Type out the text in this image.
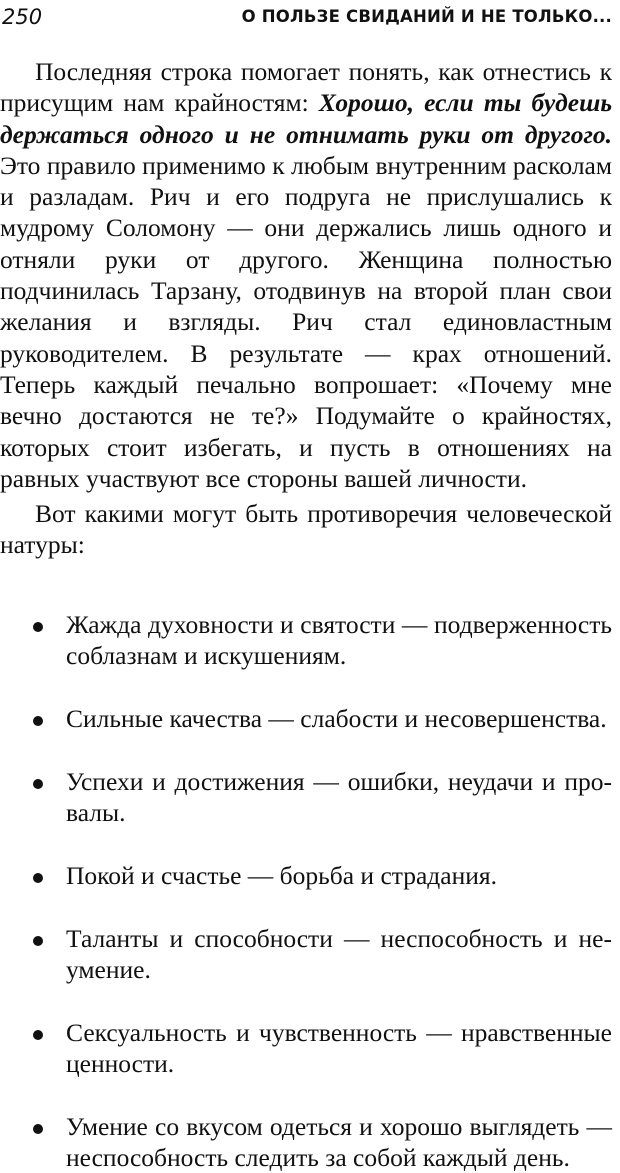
250	О ПОЛЬЗЕ СВИДАНИЙ И НЕ ТОЛЬКО...

Последняя строка помогает понять, как отнестись к присущим нам крайностям: Хорошо, если ты будешь держаться одного и не отнимать руки от другого. Это правило применимо к любым внутренним расколам и разладам. Рич и его подруга не прислушались к мудрому Соломону — они держались лишь одного и отняли руки от другого. Женщина полностью подчинилась Тарзану, отодвинув на второй план свои желания и взгляды. Рич стал единовластным руководителем. В результате — крах отношений. Теперь каждый печально вопрошает: «Почему мне вечно достаются не те?» Подумайте о крайностях, которых стоит избегать, и пусть в отношениях на равных участвуют все стороны вашей личности.

Вот какими могут быть противоречия человеческой натуры:

Жажда духовности и святости — подверженность соблазнам и искушениям.
Сильные качества — слабости и несовершенства.
Успехи и достижения — ошибки, неудачи и провалы.
Покой и счастье — борьба и страдания.
Таланты и способности — неспособность и неумение.
Сексуальность и чувственность — нравственные ценности.
Умение со вкусом одеться и хорошо выглядеть — неспособность следить за собой каждый день.
